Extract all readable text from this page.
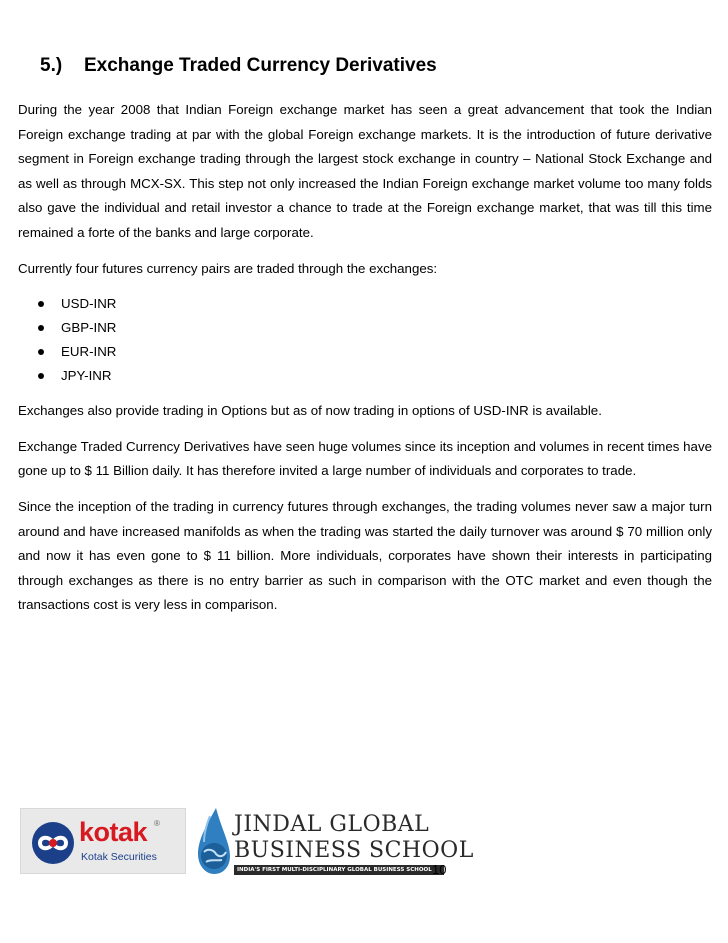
5.) Exchange Traded Currency Derivatives

During the year 2008 that Indian Foreign exchange market has seen a great advancement that took the Indian Foreign exchange trading at par with the global Foreign exchange markets. It is the introduction of future derivative segment in Foreign exchange trading through the largest stock exchange in country – National Stock Exchange and as well as through MCX-SX. This step not only increased the Indian Foreign exchange market volume too many folds also gave the individual and retail investor a chance to trade at the Foreign exchange market, that was till this time remained a forte of the banks and large corporate.

Currently four futures currency pairs are traded through the exchanges:

USD-INR
GBP-INR
EUR-INR
JPY-INR

Exchanges also provide trading in Options but as of now trading in options of USD-INR is available.

Exchange Traded Currency Derivatives have seen huge volumes since its inception and volumes in recent times have gone up to $ 11 Billion daily. It has therefore invited a large number of individuals and corporates to trade.

Since the inception of the trading in currency futures through exchanges, the trading volumes never saw a major turn around and have increased manifolds as when the trading was started the daily turnover was around $ 70 million only and now it has even gone to $ 11 billion. More individuals, corporates have shown their interests in participating through exchanges as there is no entry barrier as such in comparison with the OTC market and even though the transactions cost is very less in comparison.

kotak ®
Kotak Securities
JINDAL GLOBAL
BUSINESS SCHOOL
INDIA'S FIRST MULTI-DISCIPLINARY GLOBAL BUSINESS SCHOOL 10
